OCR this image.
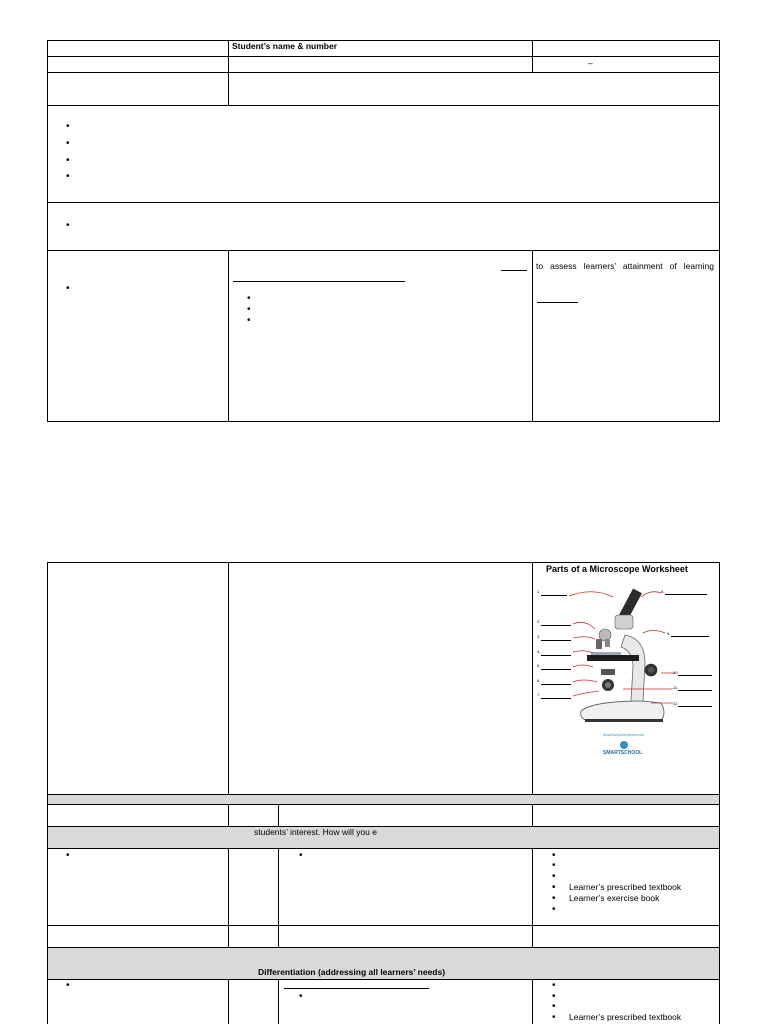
Student’s name & number
–
•
•
•
•
•
•
•
•
•
to assess learners’ attainment of learning
students’ interest. How will you e
•	•	•
•
•
• Learner’s prescribed textbook
• Learner’s exercise book
•
Differentiation (addressing all learners’ needs)
•
•
•
•
•
• Learner’s prescribed textbook
Parts of a Microscope Worksheet
1.
2.
3.
4.
5.
6.
7.
8.
9.
10.
11.
12.
SmartSchoolSystems.com
SMARTSCHOOL
